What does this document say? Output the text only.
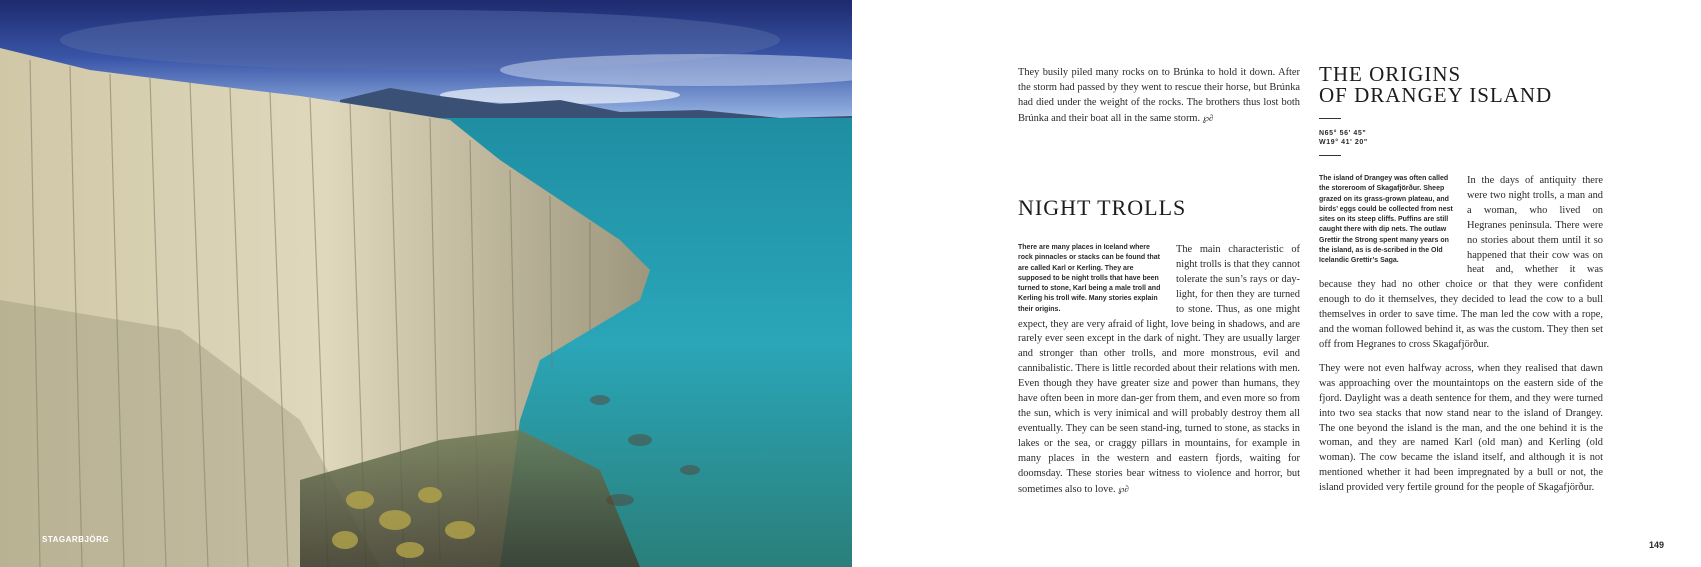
STAGARBJÖRG

They busily piled many rocks on to Brúnka to hold it down. After the storm had passed by they went to rescue their horse, but Brúnka had died under the weight of the rocks. The brothers thus lost both Brúnka and their boat all in the same storm. ℘∂

NIGHT TROLLS

There are many places in Iceland where rock pinnacles or stacks can be found that are called Karl or Kerling. They are supposed to be night trolls that have been turned to stone, Karl being a male troll and Kerling his troll wife. Many stories explain their origins.

The main characteristic of night trolls is that they cannot tolerate the sun’s rays or day-light, for then they are turned to stone. Thus, as one might expect, they are very afraid of light, love being in shadows, and are rarely ever seen except in the dark of night. They are usually larger and stronger than other trolls, and more monstrous, evil and cannibalistic. There is little recorded about their relations with men. Even though they have greater size and power than humans, they have often been in more dan-ger from them, and even more so from the sun, which is very inimical and will probably destroy them all eventually. They can be seen stand-ing, turned to stone, as stacks in lakes or the sea, or craggy pillars in mountains, for example in many places in the western and eastern fjords, waiting for doomsday. These stories bear witness to violence and horror, but sometimes also to love. ℘∂

THE ORIGINS
OF DRANGEY ISLAND
N65° 56' 45"
W19° 41' 20"

The island of Drangey was often called the storeroom of Skagafjörður. Sheep grazed on its grass-grown plateau, and birds’ eggs could be collected from nest sites on its steep cliffs. Puffins are still caught there with dip nets. The outlaw Grettir the Strong spent many years on the island, as is de-scribed in the Old Icelandic Grettir’s Saga.

In the days of antiquity there were two night trolls, a man and a woman, who lived on Hegranes peninsula. There were no stories about them until it so happened that their cow was on heat and, whether it was because they had no other choice or that they were confident enough to do it themselves, they decided to lead the cow to a bull themselves in order to save time. The man led the cow with a rope, and the woman followed behind it, as was the custom. They then set off from Hegranes to cross Skagafjörður.

They were not even halfway across, when they realised that dawn was approaching over the mountaintops on the eastern side of the fjord. Daylight was a death sentence for them, and they were turned into two sea stacks that now stand near to the island of Drangey. The one beyond the island is the man, and the one behind it is the woman, and they are named Karl (old man) and Kerling (old woman). The cow became the island itself, and although it is not mentioned whether it had been impregnated by a bull or not, the island provided very fertile ground for the people of Skagafjörður.

149
